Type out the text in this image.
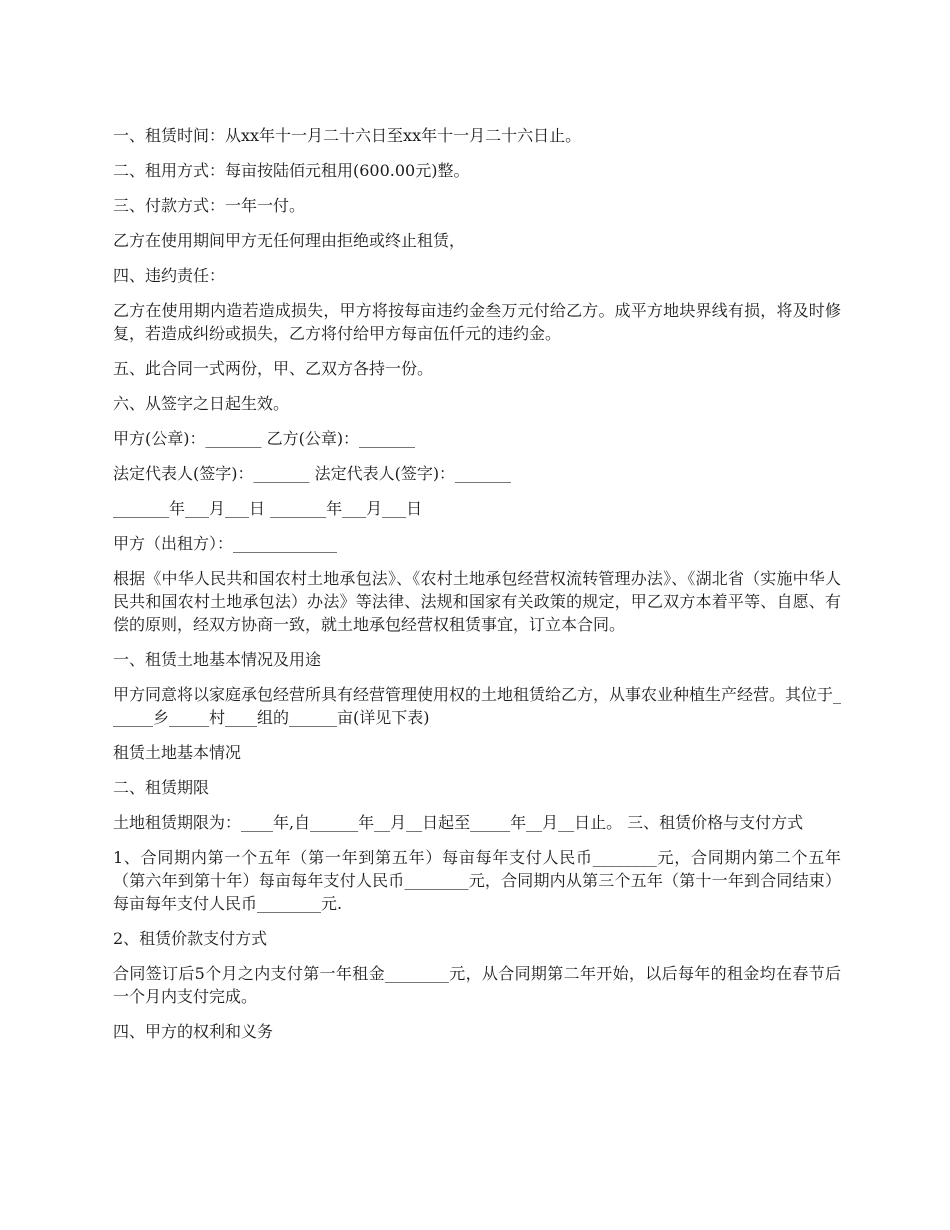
一、租赁时间：从xx年十一月二十六日至xx年十一月二十六日止。

二、租用方式：每亩按陆佰元租用(600.00元)整。

三、付款方式：一年一付。

乙方在使用期间甲方无任何理由拒绝或终止租赁，

四、违约责任：

乙方在使用期内造若造成损失，甲方将按每亩违约金叁万元付给乙方。成平方地块界线有损，将及时修复，若造成纠纷或损失，乙方将付给甲方每亩伍仟元的违约金。

五、此合同一式两份，甲、乙双方各持一份。

六、从签字之日起生效。

甲方(公章)：_______ 乙方(公章)：_______

法定代表人(签字)：_______ 法定代表人(签字)：_______

_______年___月___日 _______年___月___日

甲方（出租方）：_____________

根据《中华人民共和国农村土地承包法》、《农村土地承包经营权流转管理办法》、《湖北省（实施中华人民共和国农村土地承包法）办法》等法律、法规和国家有关政策的规定，甲乙双方本着平等、自愿、有偿的原则，经双方协商一致，就土地承包经营权租赁事宜，订立本合同。

一、租赁土地基本情况及用途

甲方同意将以家庭承包经营所具有经营管理使用权的土地租赁给乙方，从事农业种植生产经营。其位于______乡_____村____组的______亩(详见下表)

租赁土地基本情况

二、租赁期限

土地租赁期限为：____年,自______年__月__日起至_____年__月__日止。 三、租赁价格与支付方式

1、合同期内第一个五年（第一年到第五年）每亩每年支付人民币________元，合同期内第二个五年（第六年到第十年）每亩每年支付人民币________元，合同期内从第三个五年（第十一年到合同结束）每亩每年支付人民币________元.

2、租赁价款支付方式

合同签订后5个月之内支付第一年租金________元，从合同期第二年开始，以后每年的租金均在春节后一个月内支付完成。

四、甲方的权利和义务
